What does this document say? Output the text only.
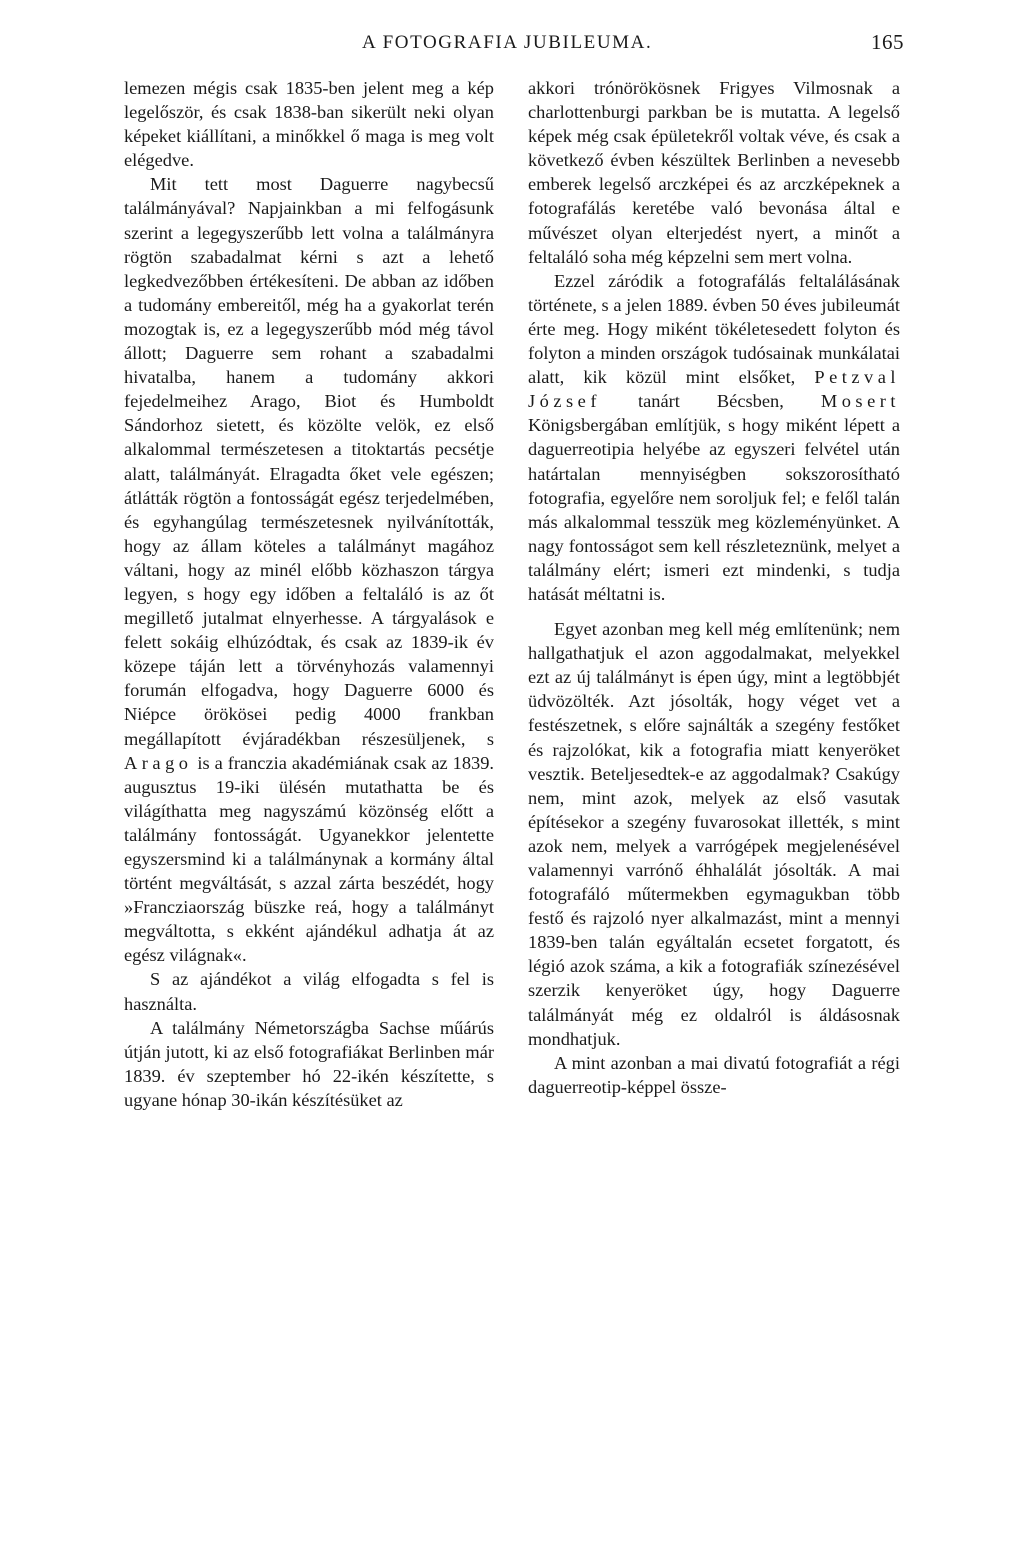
A FOTOGRAFIA JUBILEUMA.	165

lemezen mégis csak 1835-ben jelent meg a kép legelőször, és csak 1838-ban sikerült neki olyan képeket kiállítani, a minőkkel ő maga is meg volt elégedve.

Mit tett most Daguerre nagybecsű találmányával? Napjainkban a mi felfogásunk szerint a legegyszerűbb lett volna a találmányra rögtön szabadalmat kérni s azt a lehető legkedvezőbben értékesíteni. De abban az időben a tudomány embereitől, még ha a gyakorlat terén mozogtak is, ez a legegyszerűbb mód még távol állott; Daguerre sem rohant a szabadalmi hivatalba, hanem a tudomány akkori fejedelmeihez Arago, Biot és Humboldt Sándorhoz sietett, és közölte velök, ez első alkalommal természetesen a titoktartás pecsétje alatt, találmányát. Elragadta őket vele egészen; átlátták rögtön a fontosságát egész terjedelmében, és egyhangúlag természetesnek nyilvánították, hogy az állam köteles a találmányt magához váltani, hogy az minél előbb közhaszon tárgya legyen, s hogy egy időben a feltaláló is az őt megillető jutalmat elnyerhesse. A tárgyalások e felett sokáig elhúzódtak, és csak az 1839-ik év közepe táján lett a törvényhozás valamennyi forumán elfogadva, hogy Daguerre 6000 és Niépce örökösei pedig 4000 frankban megállapított évjáradékban részesüljenek, s Arago is a franczia akadémiának csak az 1839. augusztus 19-iki ülésén mutathatta be és világíthatta meg nagyszámú közönség előtt a találmány fontosságát. Ugyanekkor jelentette egyszersmind ki a találmánynak a kormány által történt megváltását, s azzal zárta beszédét, hogy »Francziaország büszke reá, hogy a találmányt megváltotta, s ekként ajándékul adhatja át az egész világnak«.

S az ajándékot a világ elfogadta s fel is használta.

A találmány Németországba Sachse műárús útján jutott, ki az első fotografiákat Berlinben már 1839. év szeptember hó 22-ikén készítette, s ugyane hónap 30-ikán készítésüket az

akkori trónörökösnek Frigyes Vilmosnak a charlottenburgi parkban be is mutatta. A legelső képek még csak épületekről voltak véve, és csak a következő évben készültek Berlinben a nevesebb emberek legelső arczképei és az arczképeknek a fotografálás keretébe való bevonása által e művészet olyan elterjedést nyert, a minőt a feltaláló soha még képzelni sem mert volna.

Ezzel záródik a fotografálás feltalálásának története, s a jelen 1889. évben 50 éves jubileumát érte meg. Hogy miként tökéletesedett folyton és folyton a minden országok tudósainak munkálatai alatt, kik közül mint elsőket, Petzval József tanárt Bécsben, Mosert Königsbergában említjük, s hogy miként lépett a daguerreotipia helyébe az egyszeri felvétel után határtalan mennyiségben sokszorosítható fotografia, egyelőre nem soroljuk fel; e felől talán más alkalommal tesszük meg közleményünket. A nagy fontosságot sem kell részleteznünk, melyet a találmány elért; ismeri ezt mindenki, s tudja hatását méltatni is.

Egyet azonban meg kell még említenünk; nem hallgathatjuk el azon aggodalmakat, melyekkel ezt az új találmányt is épen úgy, mint a legtöbbjét üdvözölték. Azt jósolták, hogy véget vet a festészetnek, s előre sajnálták a szegény festőket és rajzolókat, kik a fotografia miatt kenyeröket vesztik. Beteljesedtek-e az aggodalmak? Csakúgy nem, mint azok, melyek az első vasutak építésekor a szegény fuvarosokat illették, s mint azok nem, melyek a varrógépek megjelenésével valamennyi varrónő éhhalálát jósolták. A mai fotografáló műtermekben egymagukban több festő és rajzoló nyer alkalmazást, mint a mennyi 1839-ben talán egyáltalán ecsetet forgatott, és légió azok száma, a kik a fotografiák színezésével szerzik kenyeröket úgy, hogy Daguerre találmányát még ez oldalról is áldásosnak mondhatjuk.

A mint azonban a mai divatú fotografiát a régi daguerreotip-képpel össze-
